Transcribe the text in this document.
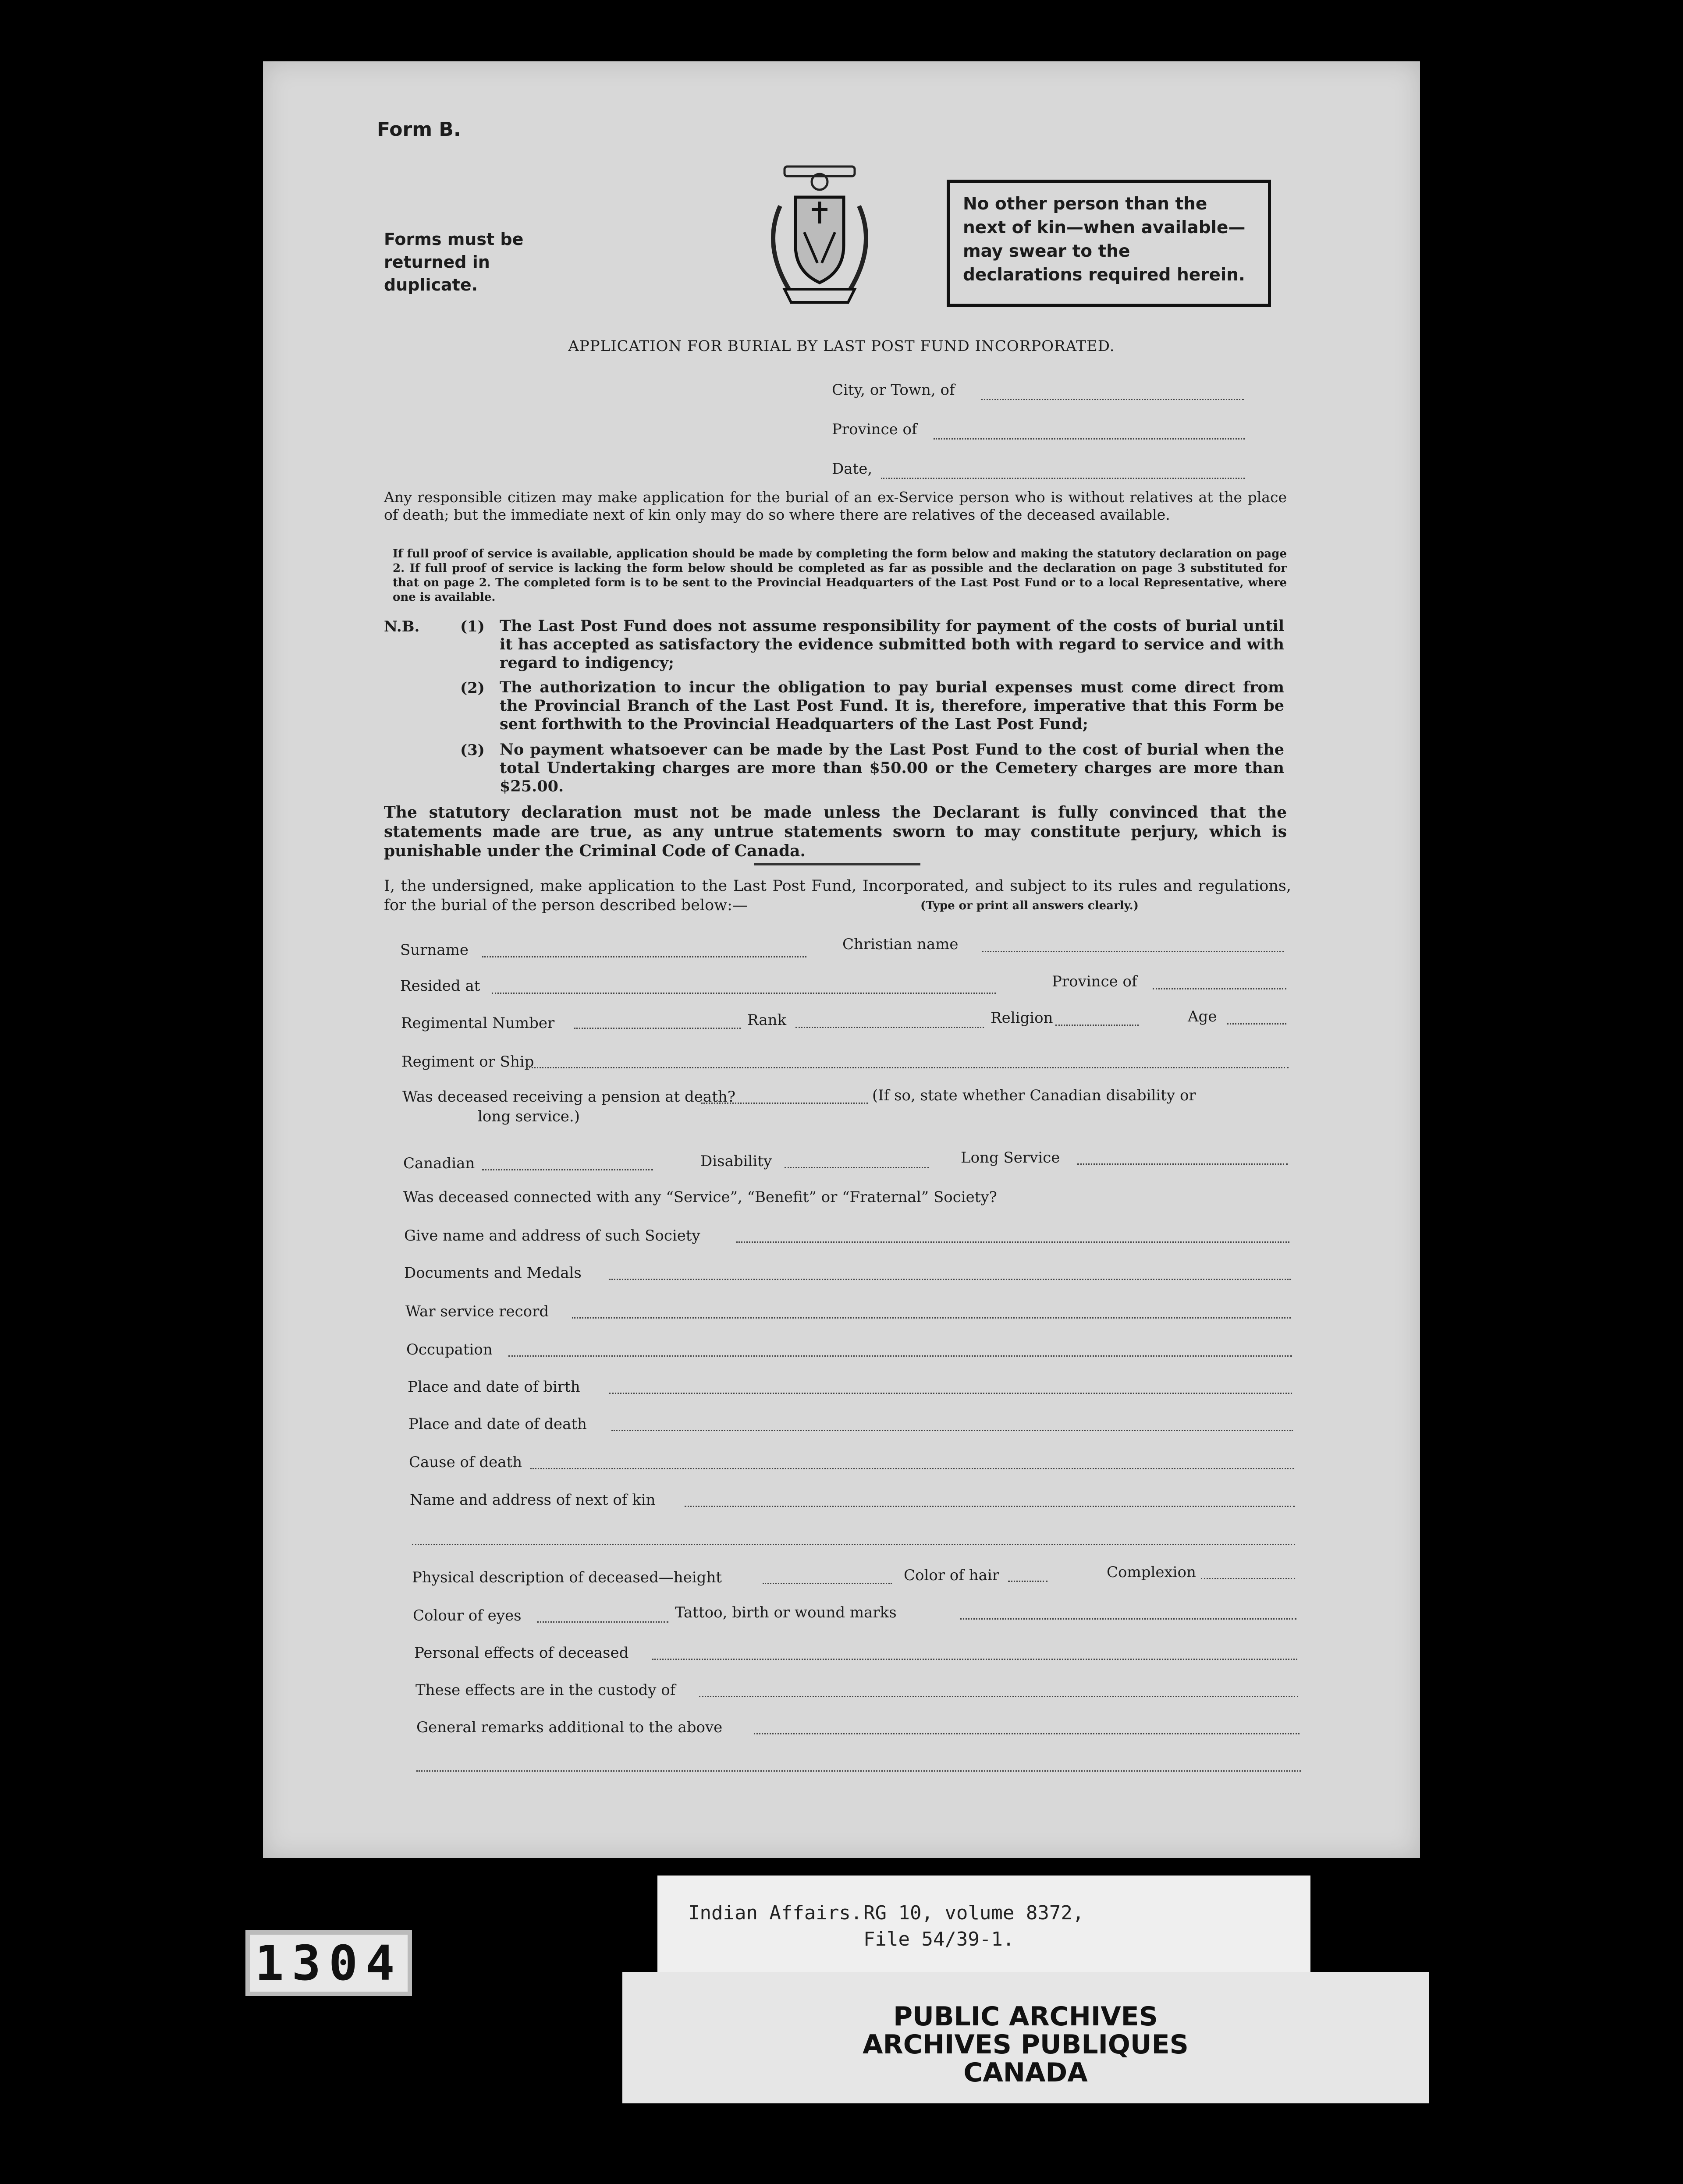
Form B.
Forms must be returned in duplicate.
No other person than the next of kin—when available—may swear to the declarations required herein.
APPLICATION FOR BURIAL BY LAST POST FUND INCORPORATED.
City, or Town, of
Province of
Date,
Any responsible citizen may make application for the burial of an ex-Service person who is without relatives at the place of death; but the immediate next of kin only may do so where there are relatives of the deceased available.
If full proof of service is available, application should be made by completing the form below and making the statutory declaration on page 2. If full proof of service is lacking the form below should be completed as far as possible and the declaration on page 3 substituted for that on page 2. The completed form is to be sent to the Provincial Headquarters of the Last Post Fund or to a local Representative, where one is available.
N.B.	(1) The Last Post Fund does not assume responsibility for payment of the costs of burial until it has accepted as satisfactory the evidence submitted both with regard to service and with regard to indigency;
(2) The authorization to incur the obligation to pay burial expenses must come direct from the Provincial Branch of the Last Post Fund. It is, therefore, imperative that this Form be sent forthwith to the Provincial Headquarters of the Last Post Fund;
(3) No payment whatsoever can be made by the Last Post Fund to the cost of burial when the total Undertaking charges are more than $50.00 or the Cemetery charges are more than $25.00.
The statutory declaration must not be made unless the Declarant is fully convinced that the statements made are true, as any untrue statements sworn to may constitute perjury, which is punishable under the Criminal Code of Canada.
I, the undersigned, make application to the Last Post Fund, Incorporated, and subject to its rules and regulations, for the burial of the person described below:—	(Type or print all answers clearly.)
Surname	Christian name
Resided at	Province of
Regimental Number	Rank	Religion	Age
Regiment or Ship
Was deceased receiving a pension at death?	(If so, state whether Canadian disability or
long service.)
Canadian	Disability	Long Service
Was deceased connected with any “Service”, “Benefit” or “Fraternal” Society?
Give name and address of such Society
Documents and Medals
War service record
Occupation
Place and date of birth
Place and date of death
Cause of death
Name and address of next of kin
Physical description of deceased—height	Color of hair	Complexion
Colour of eyes	Tattoo, birth or wound marks
Personal effects of deceased
These effects are in the custody of
General remarks additional to the above
1304
Indian Affairs. RG 10, volume 8372,
File 54/39-1.
PUBLIC ARCHIVES
ARCHIVES PUBLIQUES
CANADA
